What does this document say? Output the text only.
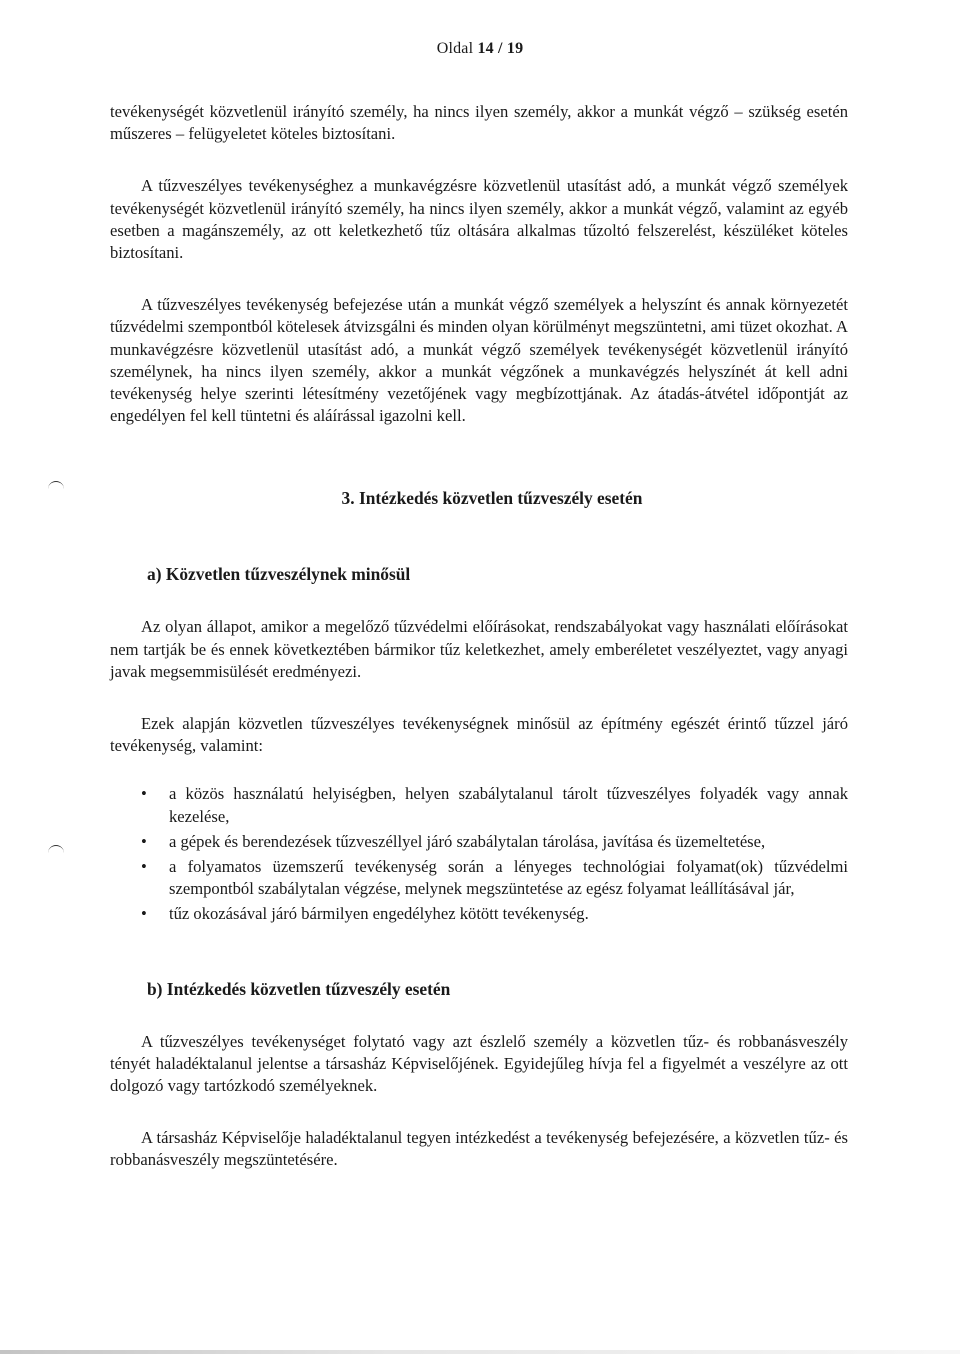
Oldal 14 / 19

tevékenységét közvetlenül irányító személy, ha nincs ilyen személy, akkor a munkát végző – szükség esetén műszeres – felügyeletet köteles biztosítani.

A tűzveszélyes tevékenységhez a munkavégzésre közvetlenül utasítást adó, a munkát végző személyek tevékenységét közvetlenül irányító személy, ha nincs ilyen személy, akkor a munkát végző, valamint az egyéb esetben a magánszemély, az ott keletkezhető tűz oltására alkalmas tűzoltó felszerelést, készüléket köteles biztosítani.

A tűzveszélyes tevékenység befejezése után a munkát végző személyek a helyszínt és annak környezetét tűzvédelmi szempontból kötelesek átvizsgálni és minden olyan körülményt megszüntetni, ami tüzet okozhat. A munkavégzésre közvetlenül utasítást adó, a munkát végző személyek tevékenységét közvetlenül irányító személynek, ha nincs ilyen személy, akkor a munkát végzőnek a munkavégzés helyszínét át kell adni tevékenység helye szerinti létesítmény vezetőjének vagy megbízottjának. Az átadás-átvétel időpontját az engedélyen fel kell tüntetni és aláírással igazolni kell.

3. Intézkedés közvetlen tűzveszély esetén
a) Közvetlen tűzveszélynek minősül

Az olyan állapot, amikor a megelőző tűzvédelmi előírásokat, rendszabályokat vagy használati előírásokat nem tartják be és ennek következtében bármikor tűz keletkezhet, amely emberéletet veszélyeztet, vagy anyagi javak megsemmisülését eredményezi.

Ezek alapján közvetlen tűzveszélyes tevékenységnek minősül az építmény egészét érintő tűzzel járó tevékenység, valamint:

• a közös használatú helyiségben, helyen szabálytalanul tárolt tűzveszélyes folyadék vagy annak kezelése,
• a gépek és berendezések tűzveszéllyel járó szabálytalan tárolása, javítása és üzemeltetése,
• a folyamatos üzemszerű tevékenység során a lényeges technológiai folyamat(ok) tűzvédelmi szempontból szabálytalan végzése, melynek megszüntetése az egész folyamat leállításával jár,
• tűz okozásával járó bármilyen engedélyhez kötött tevékenység.
b) Intézkedés közvetlen tűzveszély esetén

A tűzveszélyes tevékenységet folytató vagy azt észlelő személy a közvetlen tűz- és robbanásveszély tényét haladéktalanul jelentse a társasház Képviselőjének. Egyidejűleg hívja fel a figyelmét a veszélyre az ott dolgozó vagy tartózkodó személyeknek.

A társasház Képviselője haladéktalanul tegyen intézkedést a tevékenység befejezésére, a közvetlen tűz- és robbanásveszély megszüntetésére.
